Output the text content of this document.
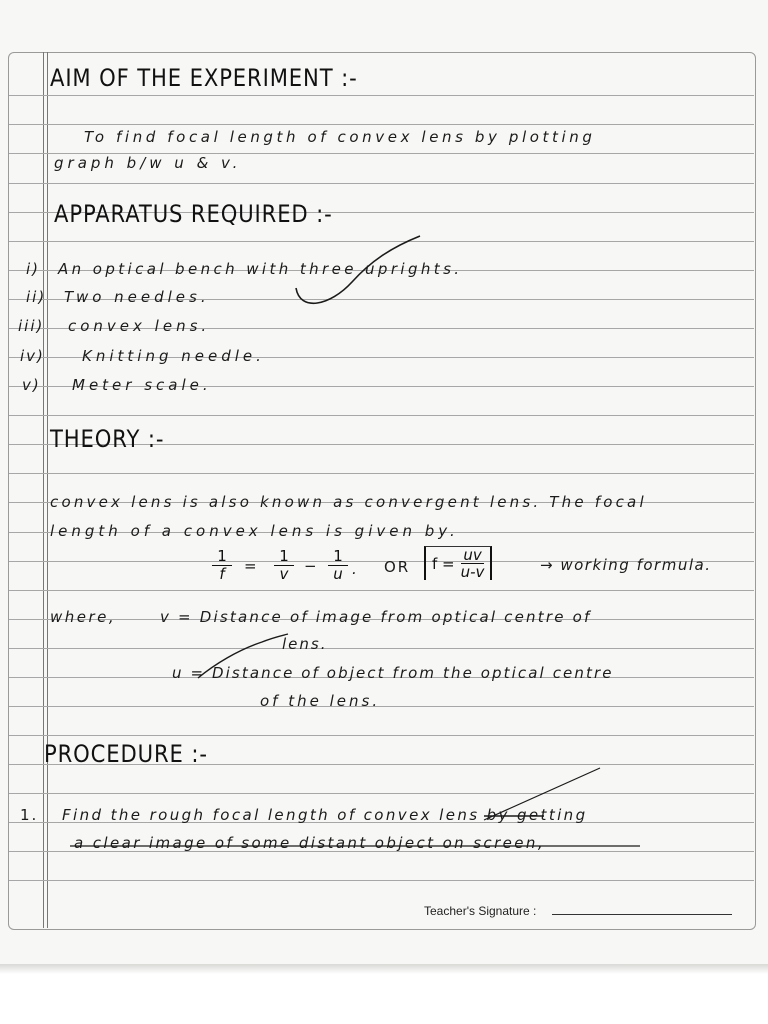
AIM OF THE EXPERIMENT :-
To find focal length of convex lens by plotting
graph b/w u & v.
APPARATUS REQUIRED :-
i) An optical bench with three uprights.
ii) Two needles.
iii) convex lens.
iv) Knitting needle.
v) Meter scale.
THEORY :-
convex lens is also known as convergent lens. The focal
length of a convex lens is given by.
$\frac{1}{f} = \frac{1}{v} - \frac{1}{u}$ . OR $f = \frac{uv}{u-v}$	→ working formula.
where,	v = Distance of image from optical centre of
lens.
u = Distance of object from the optical centre
of the lens.
PROCEDURE :-
1. Find the rough focal length of convex lens by getting
a clear image of some distant object on screen,
Teacher's Signature :
